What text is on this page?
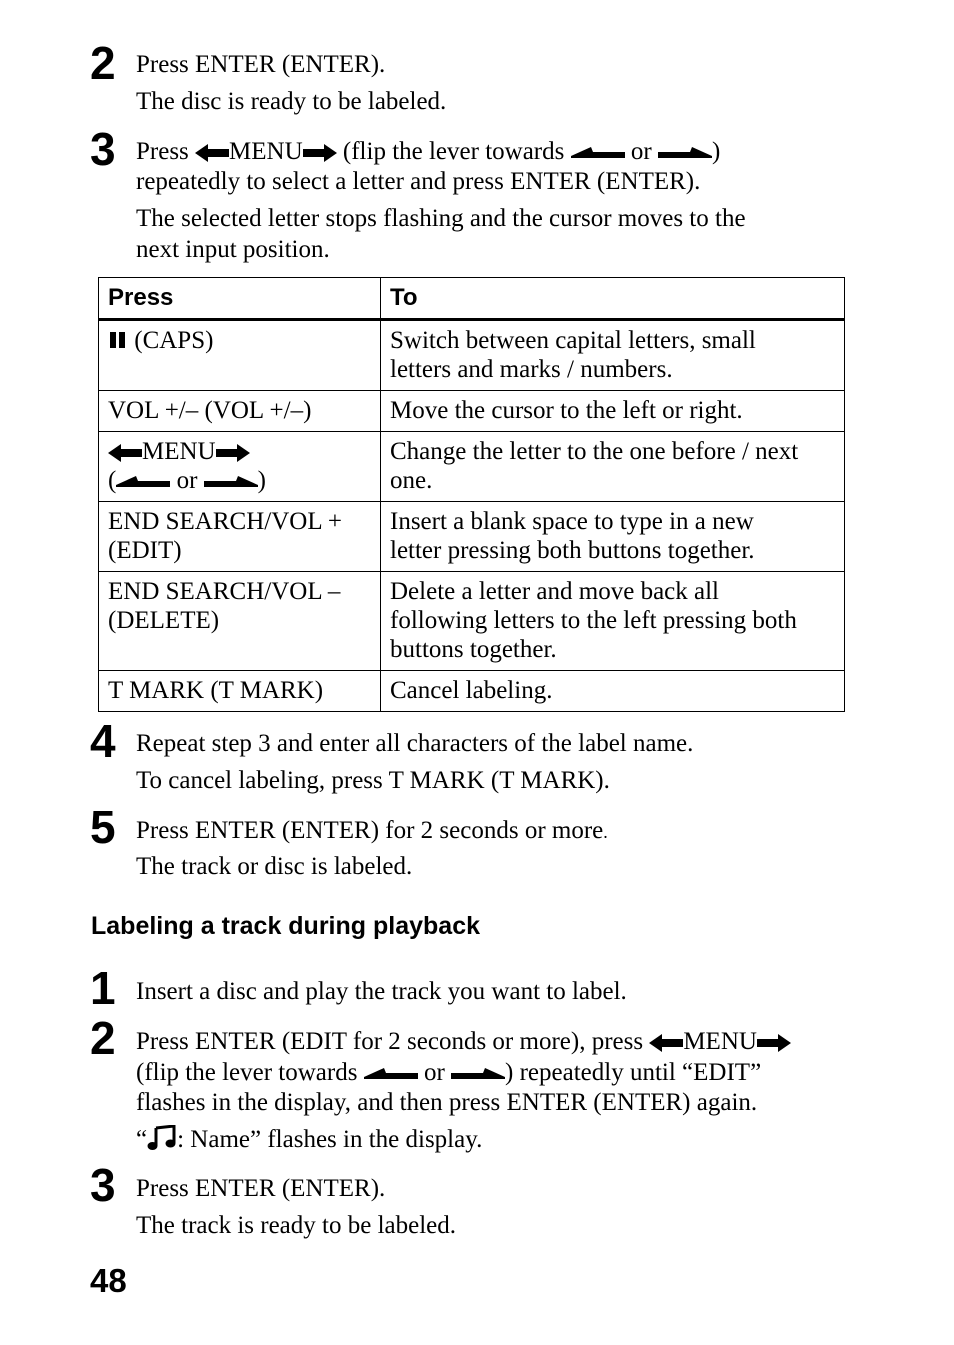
2 Press ENTER (ENTER).
The disc is ready to be labeled.
3 Press MENU (flip the lever towards  or )
repeatedly to select a letter and press ENTER (ENTER).
The selected letter stops flashing and the cursor moves to the
next input position.
Press	To

(CAPS)	Switch between capital letters, small
letters and marks / numbers.

VOL +/– (VOL +/–)	Move the cursor to the left or right.

MENU
( or )	Change the letter to the one before / next
one.

END SEARCH/VOL +
(EDIT)	Insert a blank space to type in a new
letter pressing both buttons together.

END SEARCH/VOL –
(DELETE)	Delete a letter and move back all
following letters to the left pressing both
buttons together.

T MARK (T MARK)	Cancel labeling.
4 Repeat step 3 and enter all characters of the label name.
To cancel labeling, press T MARK (T MARK).
5 Press ENTER (ENTER) for 2 seconds or more.
The track or disc is labeled.
Labeling a track during playback
1 Insert a disc and play the track you want to label.
2 Press ENTER (EDIT for 2 seconds or more), press MENU
(flip the lever towards  or ) repeatedly until “EDIT”
flashes in the display, and then press ENTER (ENTER) again.
“ : Name” flashes in the display.
3 Press ENTER (ENTER).
The track is ready to be labeled.
48
